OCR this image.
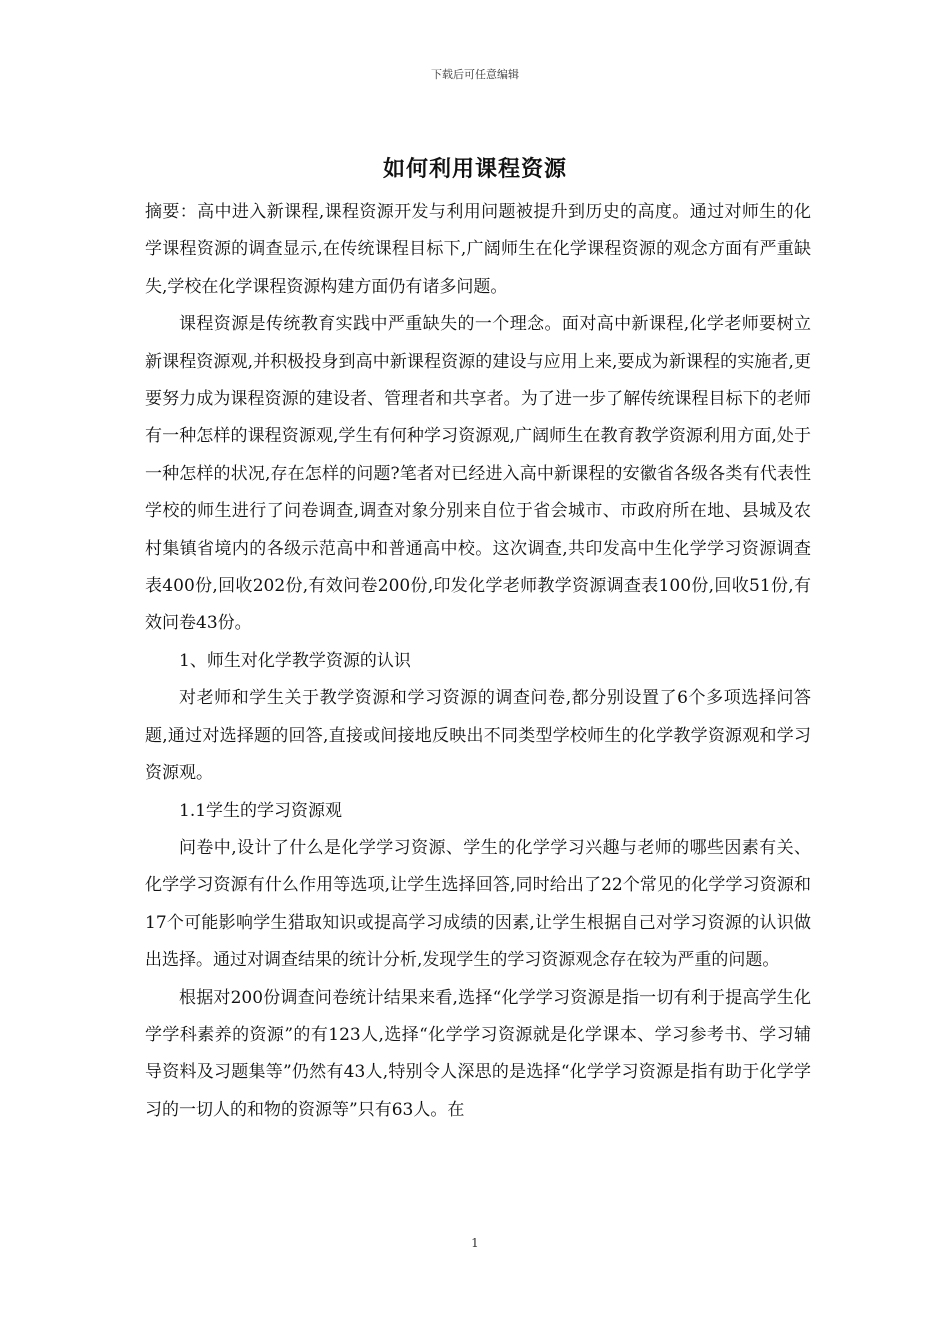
下载后可任意编辑
如何利用课程资源

摘要：高中进入新课程,课程资源开发与利用问题被提升到历史的高度。通过对师生的化学课程资源的调查显示,在传统课程目标下,广阔师生在化学课程资源的观念方面有严重缺失,学校在化学课程资源构建方面仍有诸多问题。

课程资源是传统教育实践中严重缺失的一个理念。面对高中新课程,化学老师要树立新课程资源观,并积极投身到高中新课程资源的建设与应用上来,要成为新课程的实施者,更要努力成为课程资源的建设者、管理者和共享者。为了进一步了解传统课程目标下的老师有一种怎样的课程资源观,学生有何种学习资源观,广阔师生在教育教学资源利用方面,处于一种怎样的状况,存在怎样的问题?笔者对已经进入高中新课程的安徽省各级各类有代表性学校的师生进行了问卷调查,调查对象分别来自位于省会城市、市政府所在地、县城及农村集镇省境内的各级示范高中和普通高中校。这次调查,共印发高中生化学学习资源调查表400份,回收202份,有效问卷200份,印发化学老师教学资源调查表100份,回收51份,有效问卷43份。

1、师生对化学教学资源的认识

对老师和学生关于教学资源和学习资源的调查问卷,都分别设置了6个多项选择问答题,通过对选择题的回答,直接或间接地反映出不同类型学校师生的化学教学资源观和学习资源观。

1.1学生的学习资源观

问卷中,设计了什么是化学学习资源、学生的化学学习兴趣与老师的哪些因素有关、化学学习资源有什么作用等选项,让学生选择回答,同时给出了22个常见的化学学习资源和17个可能影响学生猎取知识或提高学习成绩的因素,让学生根据自己对学习资源的认识做出选择。通过对调查结果的统计分析,发现学生的学习资源观念存在较为严重的问题。

根据对200份调查问卷统计结果来看,选择“化学学习资源是指一切有利于提高学生化学学科素养的资源”的有123人,选择“化学学习资源就是化学课本、学习参考书、学习辅导资料及习题集等”仍然有43人,特别令人深思的是选择“化学学习资源是指有助于化学学习的一切人的和物的资源等”只有63人。在

1
